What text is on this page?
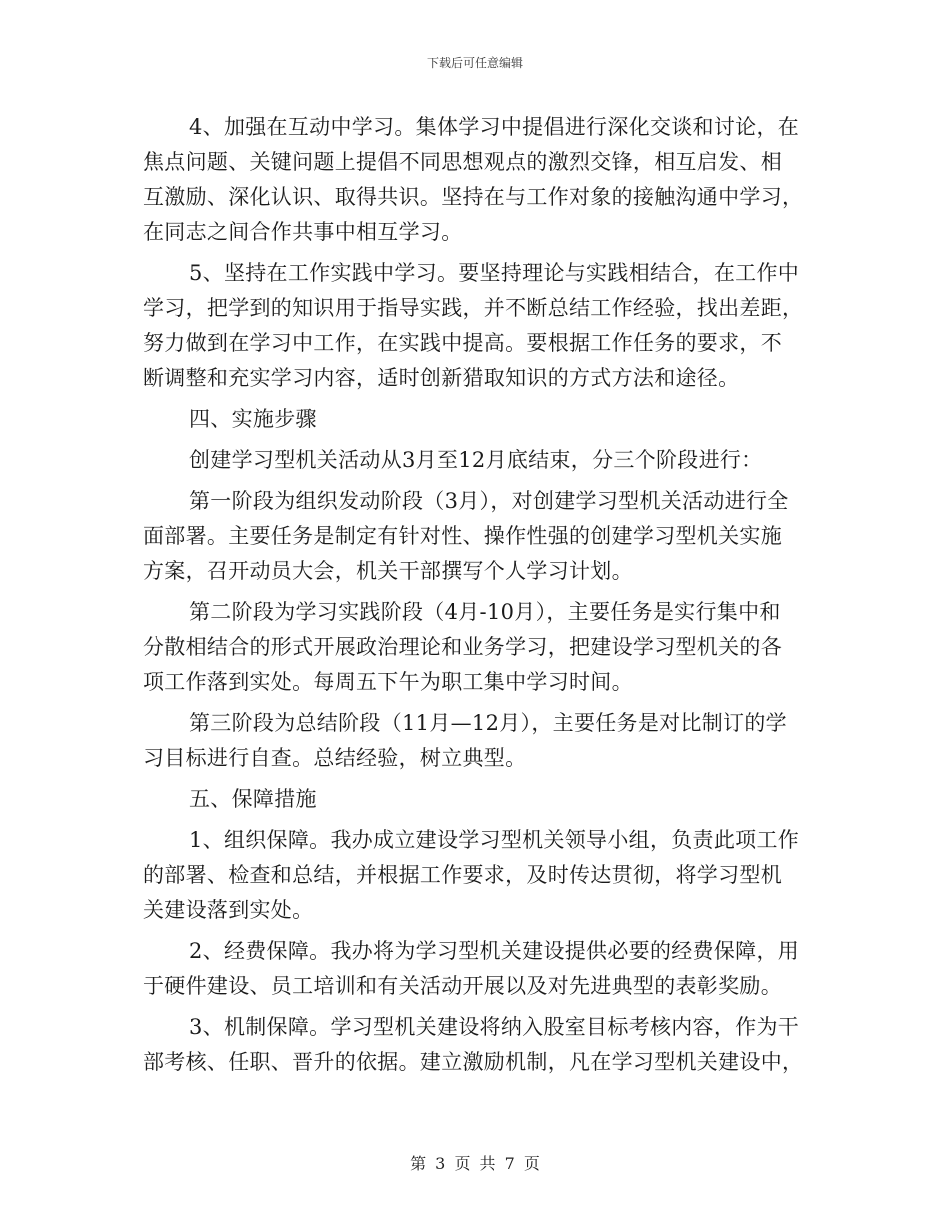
下载后可任意编辑
4、加强在互动中学习。集体学习中提倡进行深化交谈和讨论，在
焦点问题、关键问题上提倡不同思想观点的激烈交锋，相互启发、相
互激励、深化认识、取得共识。坚持在与工作对象的接触沟通中学习，
在同志之间合作共事中相互学习。
5、坚持在工作实践中学习。要坚持理论与实践相结合，在工作中
学习，把学到的知识用于指导实践，并不断总结工作经验，找出差距，
努力做到在学习中工作，在实践中提高。要根据工作任务的要求，不
断调整和充实学习内容，适时创新猎取知识的方式方法和途径。
四、实施步骤
创建学习型机关活动从3月至12月底结束，分三个阶段进行：
第一阶段为组织发动阶段（3月），对创建学习型机关活动进行全
面部署。主要任务是制定有针对性、操作性强的创建学习型机关实施
方案，召开动员大会，机关干部撰写个人学习计划。
第二阶段为学习实践阶段（4月-10月），主要任务是实行集中和
分散相结合的形式开展政治理论和业务学习，把建设学习型机关的各
项工作落到实处。每周五下午为职工集中学习时间。
第三阶段为总结阶段（11月—12月），主要任务是对比制订的学
习目标进行自查。总结经验，树立典型。
五、保障措施
1、组织保障。我办成立建设学习型机关领导小组，负责此项工作
的部署、检查和总结，并根据工作要求，及时传达贯彻，将学习型机
关建设落到实处。
2、经费保障。我办将为学习型机关建设提供必要的经费保障，用
于硬件建设、员工培训和有关活动开展以及对先进典型的表彰奖励。
3、机制保障。学习型机关建设将纳入股室目标考核内容，作为干
部考核、任职、晋升的依据。建立激励机制，凡在学习型机关建设中，
第 3 页 共 7 页
